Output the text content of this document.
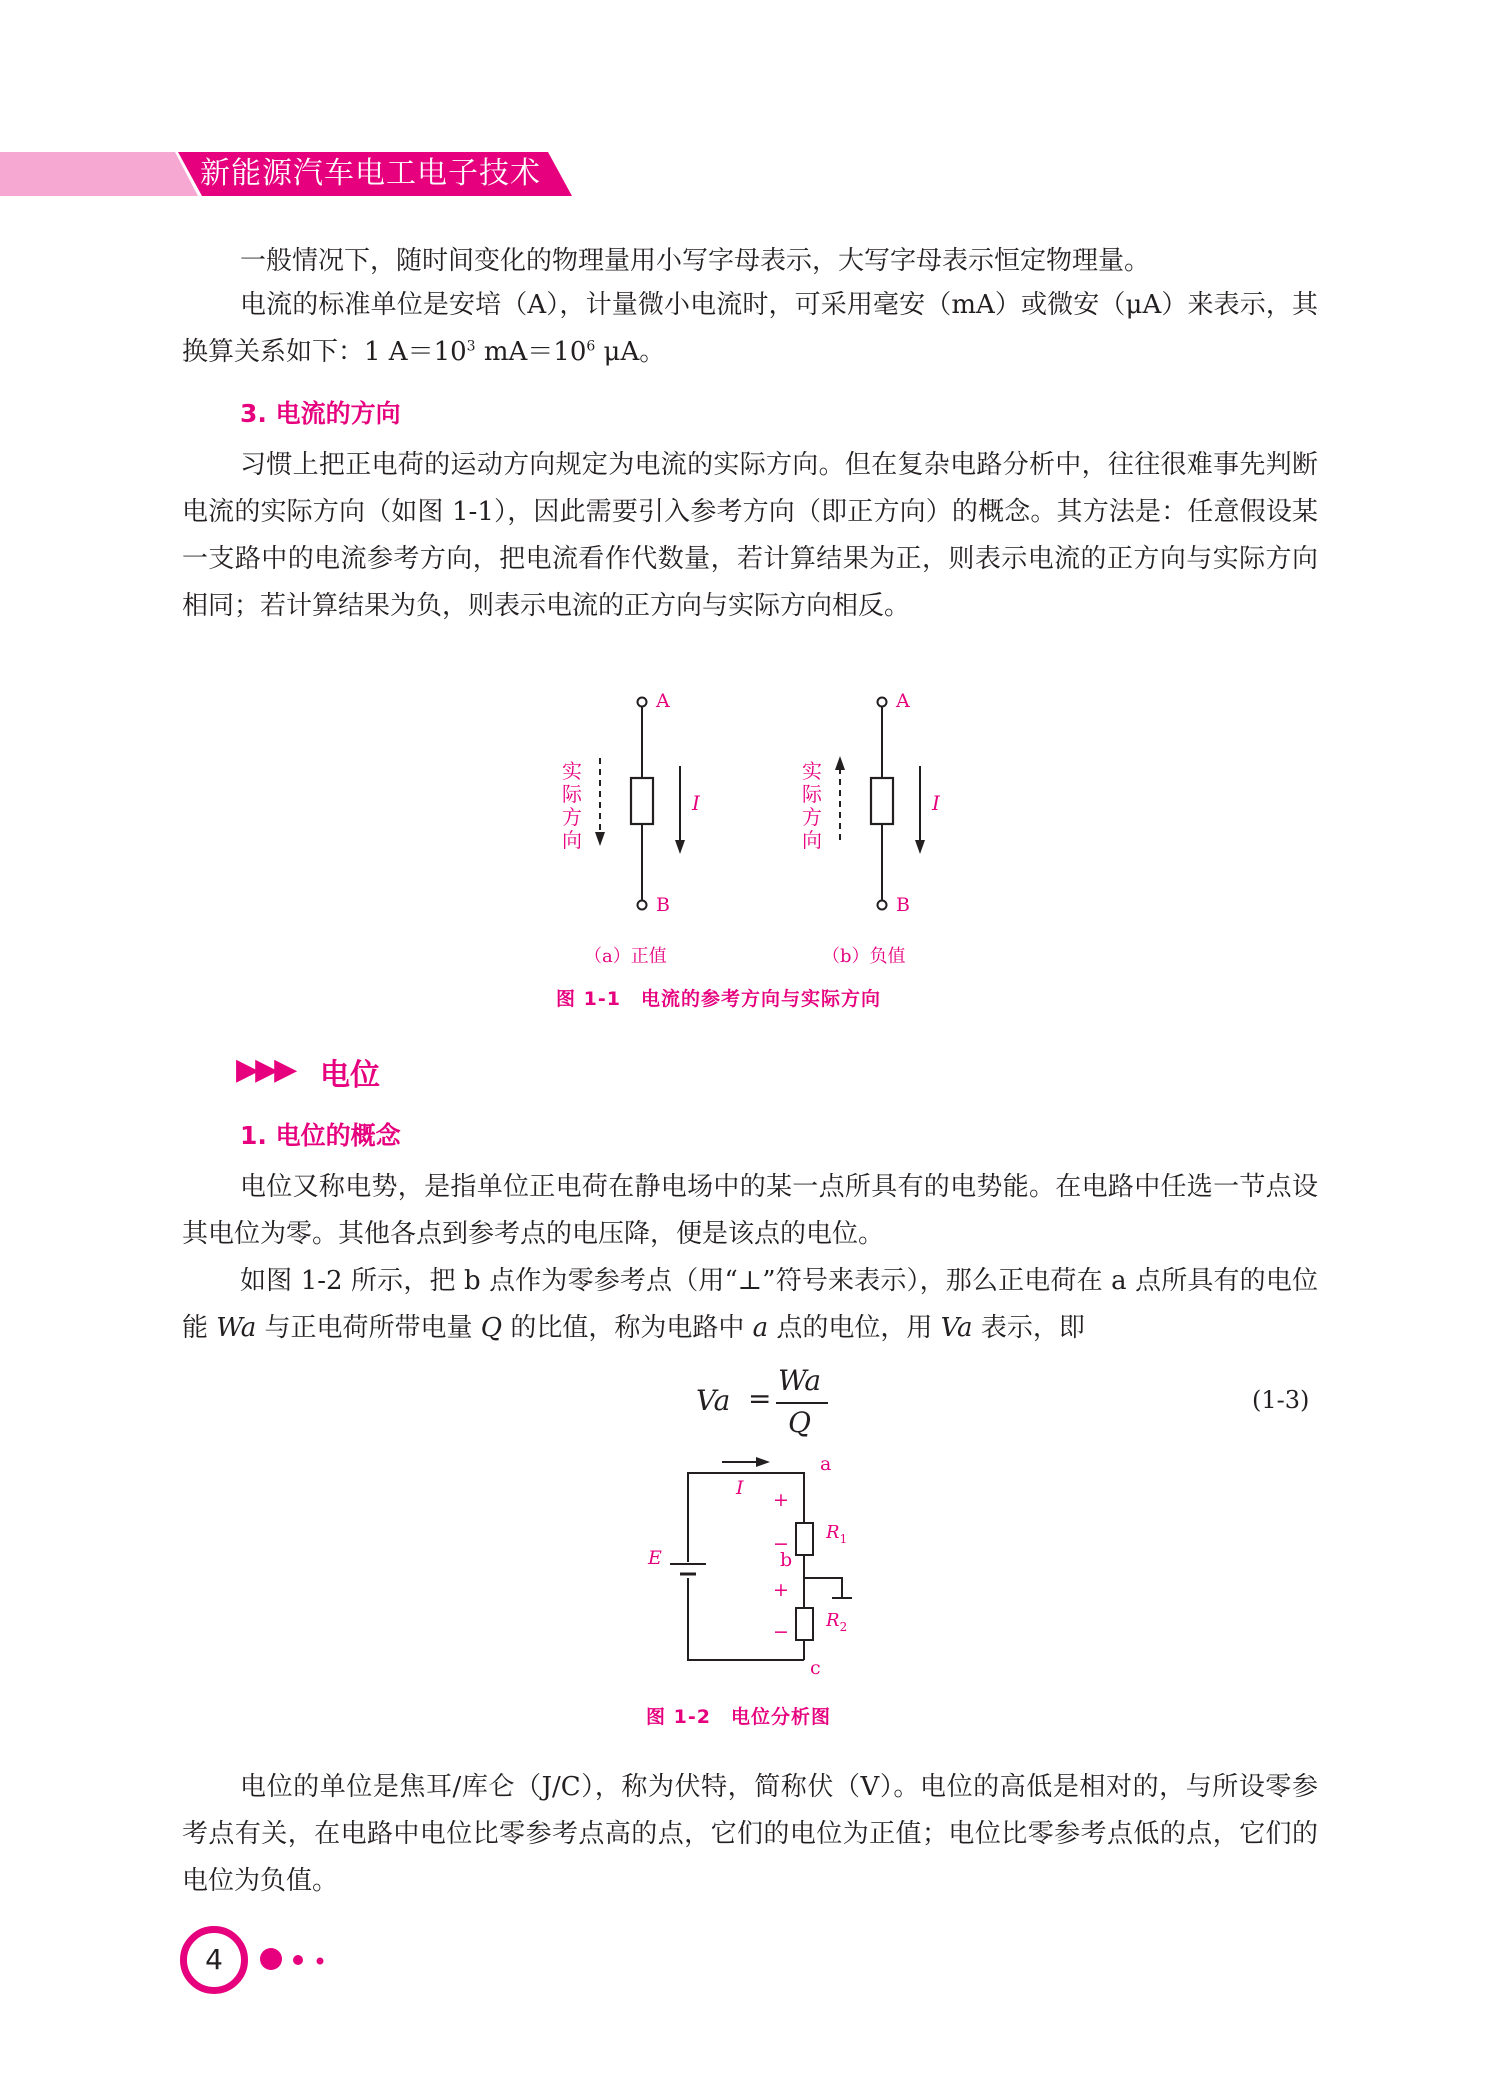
新能源汽车电工电子技术

一般情况下，随时间变化的物理量用小写字母表示，大写字母表示恒定物理量。

电流的标准单位是安培（A），计量微小电流时，可采用毫安（mA）或微安（μA）来表示，其换算关系如下：1 $A=10^3$ $mA=10^6$ μA。

3. 电流的方向

习惯上把正电荷的运动方向规定为电流的实际方向。但在复杂电路分析中，往往很难事先判断电流的实际方向（如图 1-1），因此需要引入参考方向（即正方向）的概念。其方法是：任意假设某一支路中的电流参考方向，把电流看作代数量，若计算结果为正，则表示电流的正方向与实际方向相同；若计算结果为负，则表示电流的正方向与实际方向相反。

A
B
实
际
方
向
I
A
B
实
际
方
向
I
（a）正值	（b）负值
图 1-1　电流的参考方向与实际方向
▶▶▶ 电位
1. 电位的概念

电位又称电势，是指单位正电荷在静电场中的某一点所具有的电势能。在电路中任选一节点设其电位为零。其他各点到参考点的电压降，便是该点的电位。

如图 1-2 所示，把 b 点作为零参考点（用“⊥”符号来表示），那么正电荷在 a 点所具有的电位能 Wa 与正电荷所带电量 Q 的比值，称为电路中 a 点的电位，用 Va 表示，即

Va =
Wa
Q
(1-3)
a
b
c
E
I
+
−
+
−
$R_1$
$R_2$
图 1-2　电位分析图

电位的单位是焦耳/库仑（J/C），称为伏特，简称伏（V）。电位的高低是相对的，与所设零参考点有关，在电路中电位比零参考点高的点，它们的电位为正值；电位比零参考点低的点，它们的电位为负值。

4
